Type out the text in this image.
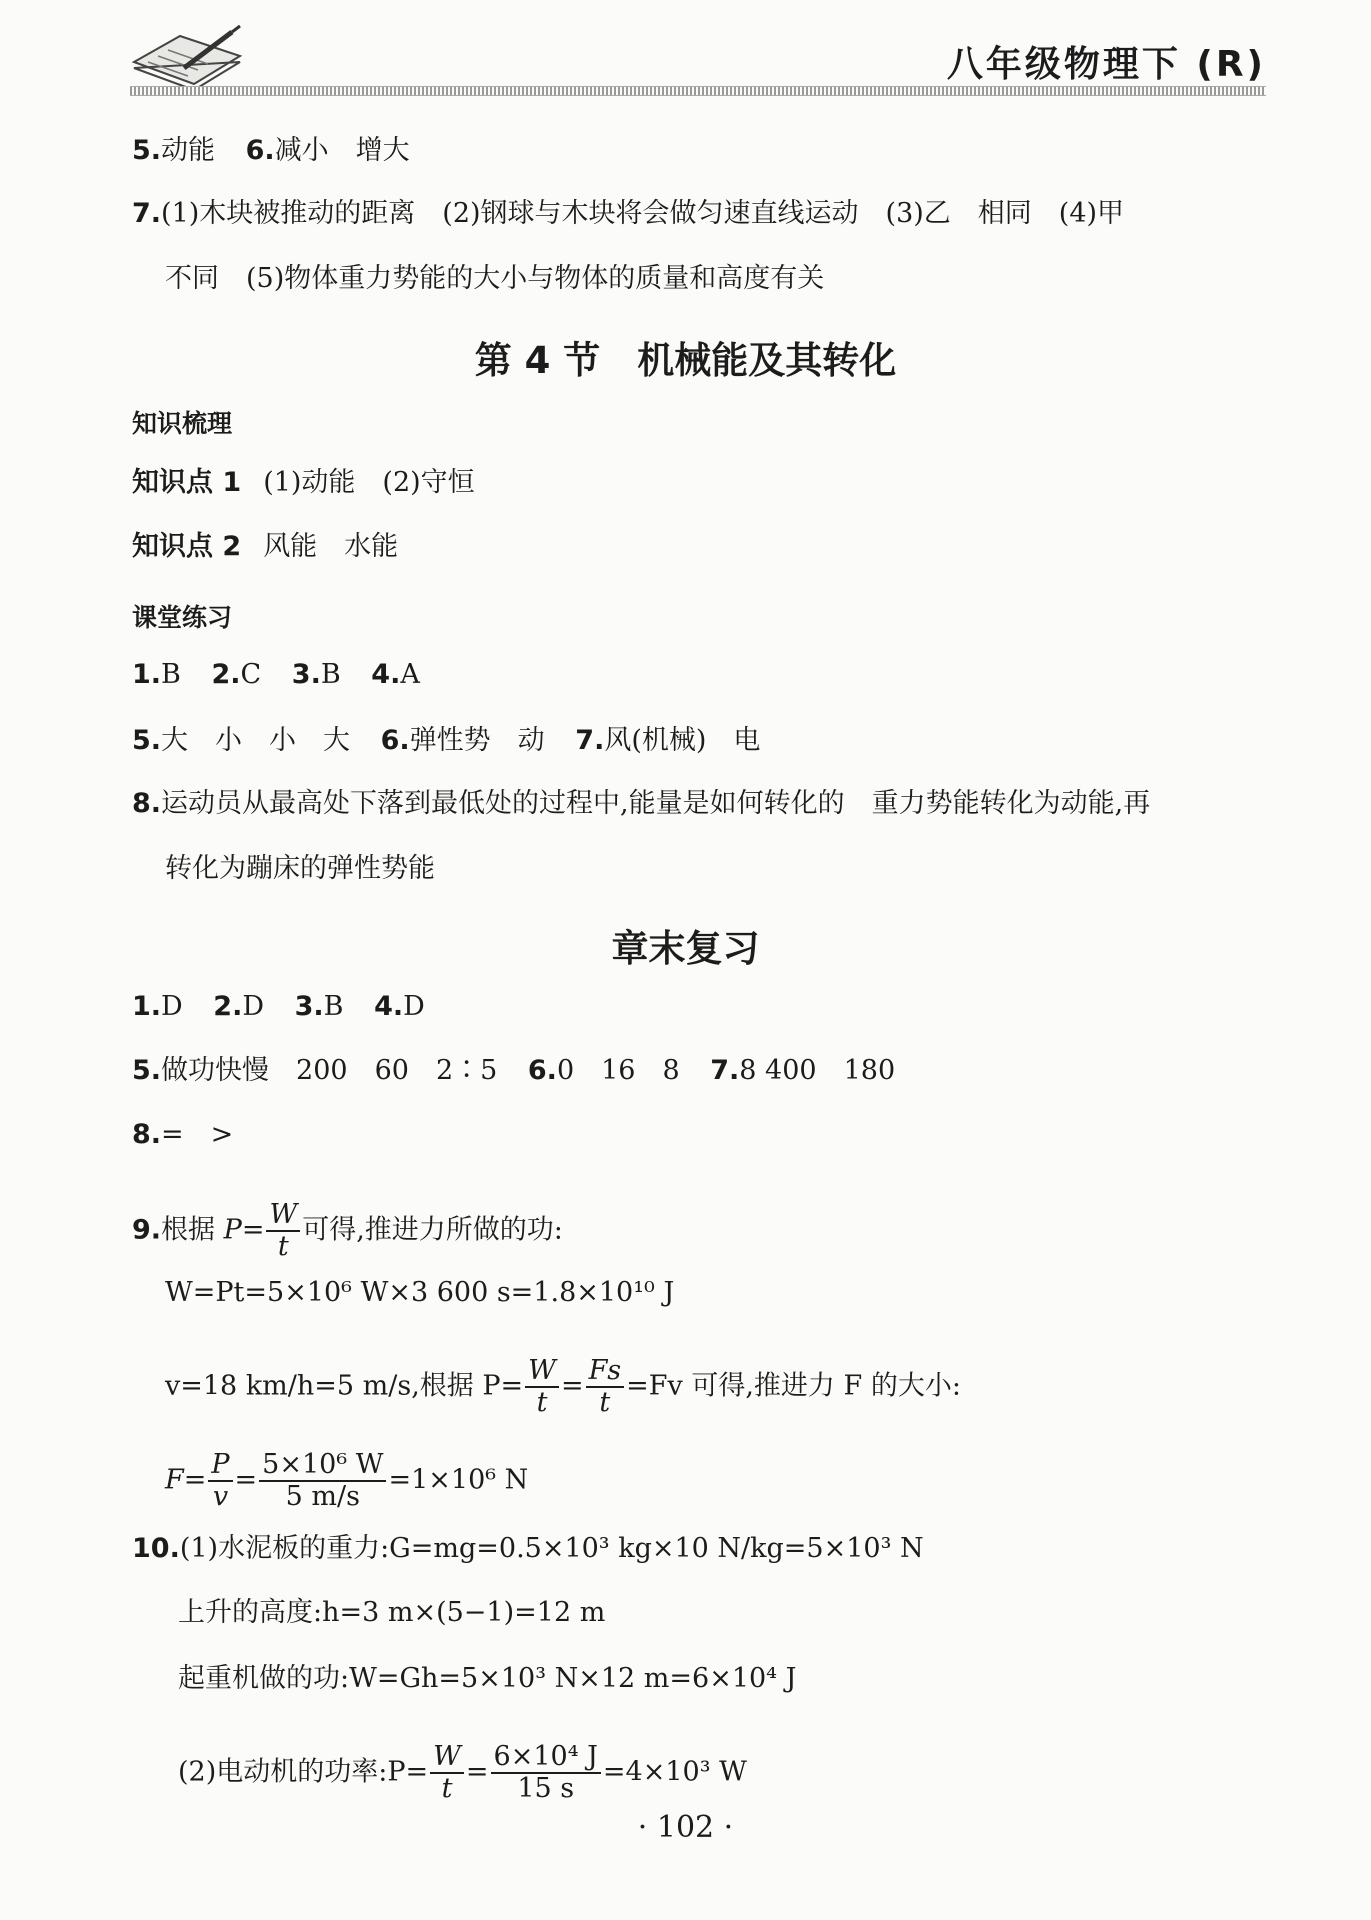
八年级物理下 (R)
5.动能 6.减小　增大
7.(1)木块被推动的距离　(2)钢球与木块将会做匀速直线运动　(3)乙　相同　(4)甲
不同　(5)物体重力势能的大小与物体的质量和高度有关
第 4 节　机械能及其转化
知识梳理
知识点 1 (1)动能　(2)守恒
知识点 2 风能　水能
课堂练习
1.B 2.C 3.B 4.A
5.大　小　小　大 6.弹性势　动 7.风(机械)　电
8.运动员从最高处下落到最低处的过程中,能量是如何转化的　重力势能转化为动能,再
转化为蹦床的弹性势能
章末复习
1.D 2.D 3.B 4.D
5.做功快慢　200　60　2∶5 6.0　16　8 7.8 400　180
8.=　>
9.根据 $P= \frac{W}{t}$ 可得,推进力所做的功:
W=Pt=5×10⁶ W×3 600 s=1.8×10¹⁰ J
v=18 km/h=5 m/s,根据 $P= \frac{W}{t} = \frac{Fs}{t} =Fv$ 可得,推进力 F 的大小:
$F= \frac{P}{v} = \frac{\text{5×10⁶ W}}{5 m/s} =1\times 10^6$ N
10.(1)水泥板的重力:G=mg=0.5×10³ kg×10 N/kg=5×10³ N
上升的高度:h=3 m×(5−1)=12 m
起重机做的功:W=Gh=5×10³ N×12 m=6×10⁴ J
(2)电动机的功率:P= $\frac{W}{t} = \frac{\text{6×10⁴ J}}{15 s} =4\times 10^3$ W
· 102 ·
